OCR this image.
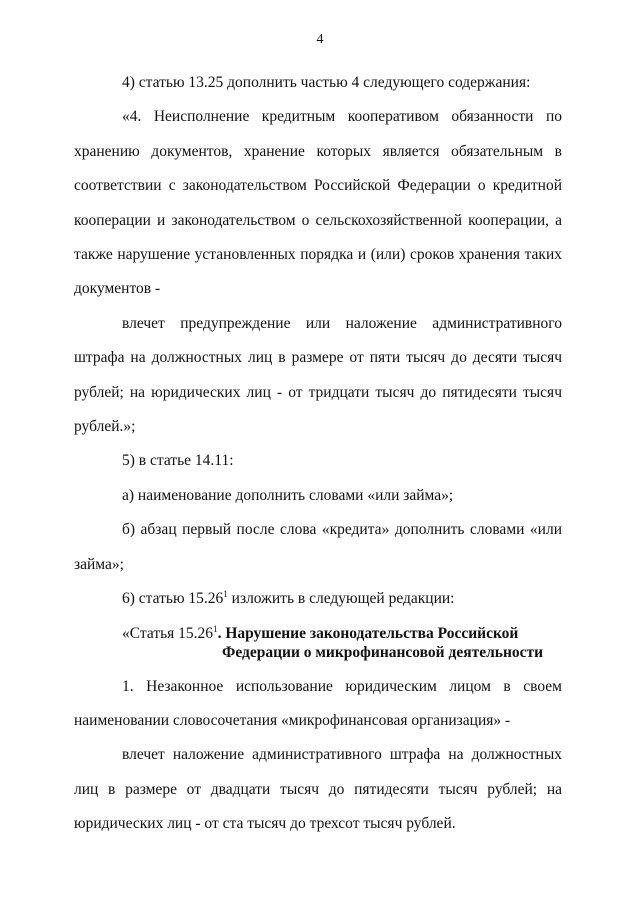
4

4) статью 13.25 дополнить частью 4 следующего содержания:

«4. Неисполнение кредитным кооперативом обязанности по хранению документов, хранение которых является обязательным в соответствии с законодательством Российской Федерации о кредитной кооперации и законодательством о сельскохозяйственной кооперации, а также нарушение установленных порядка и (или) сроков хранения таких документов -

влечет предупреждение или наложение административного штрафа на должностных лиц в размере от пяти тысяч до десяти тысяч рублей; на юридических лиц - от тридцати тысяч до пятидесяти тысяч рублей.»;

5) в статье 14.11:

а) наименование дополнить словами «или займа»;

б) абзац первый после слова «кредита» дополнить словами «или займа»;

6) статью 15.26$^1$ изложить в следующей редакции:

«Статья 15.26$^1$. Нарушение законодательства Российской
Федерации о микрофинансовой деятельности

1. Незаконное использование юридическим лицом в своем наименовании словосочетания «микрофинансовая организация» -

влечет наложение административного штрафа на должностных лиц в размере от двадцати тысяч до пятидесяти тысяч рублей; на юридических лиц - от ста тысяч до трехсот тысяч рублей.
